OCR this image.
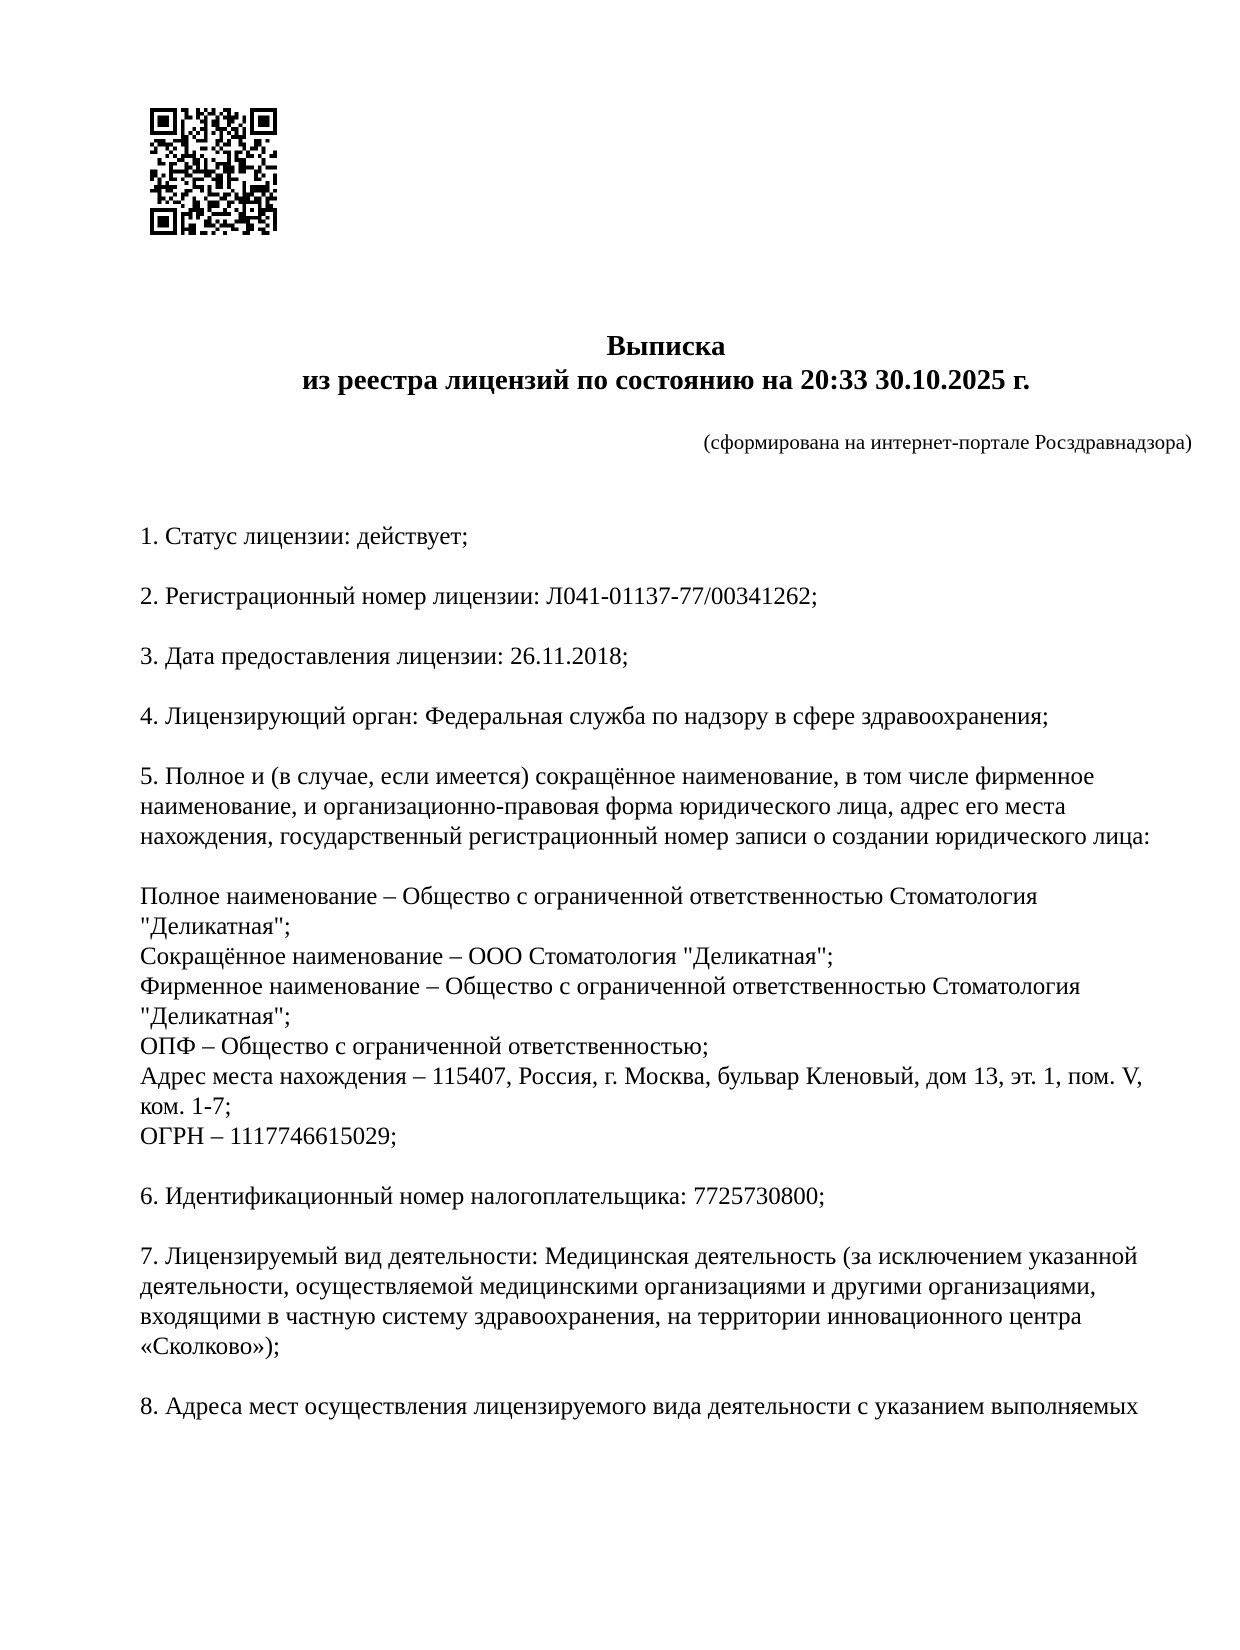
Выписка
из реестра лицензий по состоянию на 20:33 30.10.2025 г.
(сформирована на интернет-портале Росздравнадзора)

1. Статус лицензии: действует;

2. Регистрационный номер лицензии: Л041-01137-77/00341262;

3. Дата предоставления лицензии: 26.11.2018;

4. Лицензирующий орган: Федеральная служба по надзору в сфере здравоохранения;

5. Полное и (в случае, если имеется) сокращённое наименование, в том числе фирменное
наименование, и организационно-правовая форма юридического лица, адрес его места
нахождения, государственный регистрационный номер записи о создании юридического лица:

Полное наименование – Общество с ограниченной ответственностью Стоматология
"Деликатная";
Сокращённое наименование – ООО Стоматология "Деликатная";
Фирменное наименование – Общество с ограниченной ответственностью Стоматология
"Деликатная";
ОПФ – Общество с ограниченной ответственностью;
Адрес места нахождения – 115407, Россия, г. Москва, бульвар Кленовый, дом 13, эт. 1, пом. V,
ком. 1-7;
ОГРН – 1117746615029;

6. Идентификационный номер налогоплательщика: 7725730800;

7. Лицензируемый вид деятельности: Медицинская деятельность (за исключением указанной
деятельности, осуществляемой медицинскими организациями и другими организациями,
входящими в частную систему здравоохранения, на территории инновационного центра
«Сколково»);

8. Адреса мест осуществления лицензируемого вида деятельности с указанием выполняемых
